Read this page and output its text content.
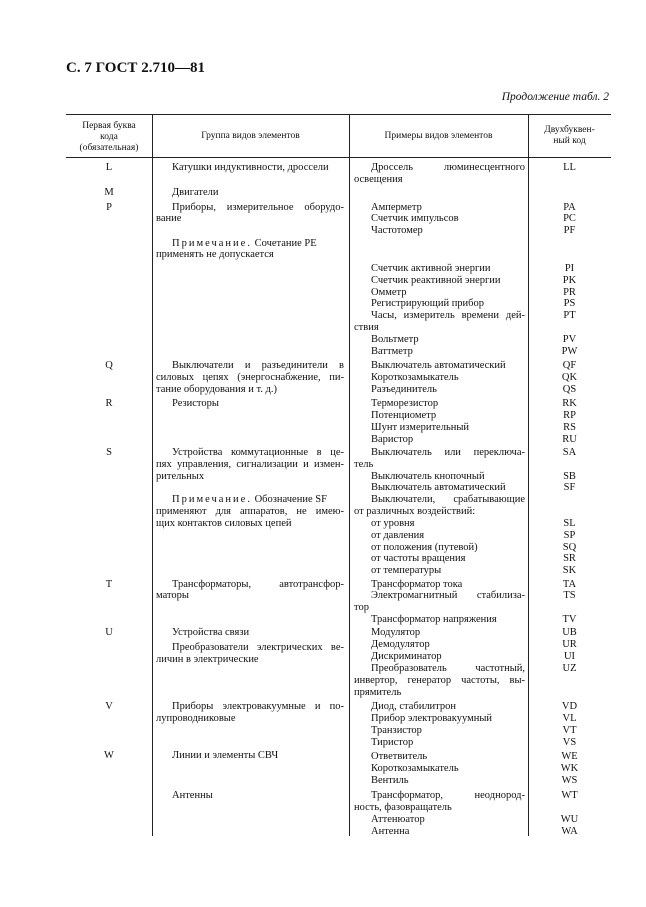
С. 7 ГОСТ 2.710—81
Продолжение табл. 2
Первая буква
кода
(обязательная)
Группа видов элементов	Примеры видов элементов
Двухбуквен-
ный код
L
M
P
Q
R
S
T
U
V
W
Катушки индуктивности, дроссели
Двигатели
Приборы, измерительное оборудо-
вание
Примечание. Сочетание PE
применять не допускается
Выключатели и разъединители в
силовых цепях (энергоснабжение, пи-
тание оборудования и т. д.)
Резисторы
Устройства коммутационные в це-
пях управления, сигнализации и измен-
рительных
Примечание. Обозначение SF
применяют для аппаратов, не имею-
щих контактов силовых цепей
Трансформаторы, автотрансфор-
маторы
Устройства связи
Преобразователи электрических ве-
личин в электрические
Приборы электровакуумные и по-
лупроводниковые
Линии и элементы СВЧ
Антенны
Дроссель люминесцентного
освещения
Амперметр
Счетчик импульсов
Частотомер
Счетчик активной энергии
Счетчик реактивной энергии
Омметр
Регистрирующий прибор
Часы, измеритель времени дей-
ствия
Вольтметр
Ваттметр
Выключатель автоматический
Короткозамыкатель
Разъединитель
Терморезистор
Потенциометр
Шунт измерительный
Варистор
Выключатель или переключа-
тель
Выключатель кнопочный
Выключатель автоматический
Выключатели, срабатывающие
от различных воздействий:
от уровня
от давления
от положения (путевой)
от частоты вращения
от температуры
Трансформатор тока
Электромагнитный стабилиза-
тор
Трансформатор напряжения
Модулятор
Демодулятор
Дискриминатор
Преобразователь частотный,
инвертор, генератор частоты, вы-
прямитель
Диод, стабилитрон
Прибор электровакуумный
Транзистор
Тиристор
Ответвитель
Короткозамыкатель
Вентиль
Трансформатор, неоднород-
ность, фазовращатель
Аттенюатор
Антенна
LL
PA
PC
PF
PI
PK
PR
PS
PT
PV
PW
QF
QK
QS
RK
RP
RS
RU
SA
SB
SF
SL
SP
SQ
SR
SK
TA
TS
TV
UB
UR
UI
UZ
VD
VL
VT
VS
WE
WK
WS
WT
WU
WA
